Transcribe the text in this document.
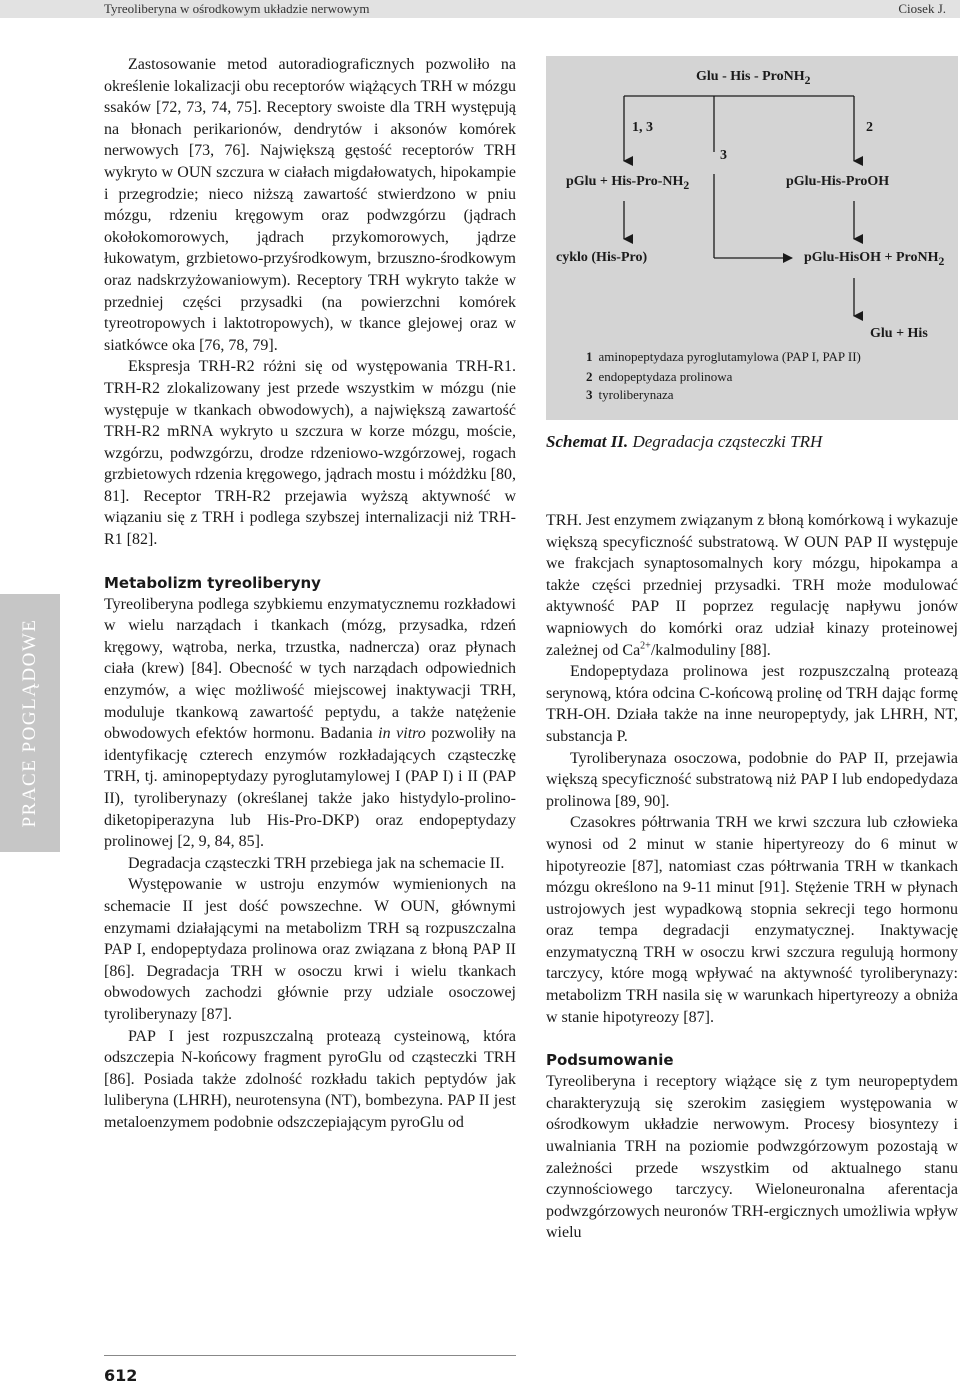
Tyreoliberyna w ośrodkowym układzie nerwowym	Ciosek J.
PRACE POGLĄDOWE

Zastosowanie metod autoradiograficznych pozwoliło na określenie lokalizacji obu receptorów wiążących TRH w mózgu ssaków [72, 73, 74, 75]. Receptory swoiste dla TRH występują na błonach perikarionów, dendrytów i aksonów komórek nerwowych [73, 76]. Największą gęstość receptorów TRH wykryto w OUN szczura w ciałach migdałowatych, hipokampie i przegrodzie; nieco niższą zawartość stwierdzono w pniu mózgu, rdzeniu kręgowym oraz podwzgórzu (jądrach okołokomorowych, jądrach przykomorowych, jądrze łukowatym, grzbietowo-przyśrodkowym, brzuszno-środkowym oraz nadskrzyżowaniowym). Receptory TRH wykryto także w przedniej części przysadki (na powierzchni komórek tyreotropowych i laktotropowych), w tkance glejowej oraz w siatkówce oka [76, 78, 79].

Ekspresja TRH-R2 różni się od występowania TRH-R1. TRH-R2 zlokalizowany jest przede wszystkim w mózgu (nie występuje w tkankach obwodowych), a największą zawartość TRH-R2 mRNA wykryto u szczura w korze mózgu, moście, wzgórzu, podwzgórzu, drodze rdzeniowo-wzgórzowej, rogach grzbietowych rdzenia kręgowego, jądrach mostu i móżdżku [80, 81]. Receptor TRH-R2 przejawia wyższą aktywność w wiązaniu się z TRH i podlega szybszej internalizacji niż TRH-R1 [82].

Metabolizm tyreoliberyny

Tyreoliberyna podlega szybkiemu enzymatycznemu rozkładowi w wielu narządach i tkankach (mózg, przysadka, rdzeń kręgowy, wątroba, nerka, trzustka, nadnercza) oraz płynach ciała (krew) [84]. Obecność w tych narządach odpowiednich enzymów, a więc możliwość miejscowej inaktywacji TRH, moduluje tkankową zawartość peptydu, a także natężenie obwodowych efektów hormonu. Badania in vitro pozwoliły na identyfikację czterech enzymów rozkładających cząsteczkę TRH, tj. aminopeptydazy pyroglutamylowej I (PAP I) i II (PAP II), tyroliberynazy (określanej także jako histydylo-prolino-diketopiperazyna lub His-Pro-DKP) oraz endopeptydazy prolinowej [2, 9, 84, 85].

Degradacja cząsteczki TRH przebiega jak na schemacie II.

Występowanie w ustroju enzymów wymienionych na schemacie II jest dość powszechne. W OUN, głównymi enzymami działającymi na metabolizm TRH są rozpuszczalna PAP I, endopeptydaza prolinowa oraz związana z błoną PAP II [86]. Degradacja TRH w osoczu krwi i wielu tkankach obwodowych zachodzi głównie przy udziale osoczowej tyroliberynazy [87].

PAP I jest rozpuszczalną proteazą cysteinową, która odszczepia N-końcowy fragment pyroGlu od cząsteczki TRH [86]. Posiada także zdolność rozkładu takich peptydów jak luliberyna (LHRH), neurotensyna (NT), bombezyna. PAP II jest metaloenzymem podobnie odszczepiającym pyroGlu od

Glu - His - ProNH$_2$
1, 3
3
2
pGlu + His-$Pro-NH_2$	pGlu-His-ProOH
cyklo (His-Pro)	pGlu-HisOH + ProNH$_2$
Glu + His
1 aminopeptydaza pyroglutamylowa (PAP I, PAP II)
2 endopeptydaza prolinowa
3 tyroliberynaza
Schemat II. Degradacja cząsteczki TRH

TRH. Jest enzymem związanym z błoną komórkową i wykazuje większą specyficzność substratową. W OUN PAP II występuje we frakcjach synaptosomalnych kory mózgu, hipokampa a także części przedniej przysadki. TRH może modulować aktywność PAP II poprzez regulację napływu jonów wapniowych do komórki oraz udział kinazy proteinowej zależnej od $Ca^{2+}$/kalmoduliny [88].

Endopeptydaza prolinowa jest rozpuszczalną proteazą serynową, która odcina C-końcową prolinę od TRH dając formę TRH-OH. Działa także na inne neuropeptydy, jak LHRH, NT, substancja P.

Tyroliberynaza osoczowa, podobnie do PAP II, przejawia większą specyficzność substratową niż PAP I lub endopedydaza prolinowa [89, 90].

Czasokres półtrwania TRH we krwi szczura lub człowieka wynosi od 2 minut w stanie hipertyreozy do 6 minut w hipotyreozie [87], natomiast czas półtrwania TRH w tkankach mózgu określono na 9-11 minut [91]. Stężenie TRH w płynach ustrojowych jest wypadkową stopnia sekrecji tego hormonu oraz tempa degradacji enzymatycznej. Inaktywację enzymatyczną TRH w osoczu krwi szczura regulują hormony tarczycy, które mogą wpływać na aktywność tyroliberynazy: metabolizm TRH nasila się w warunkach hipertyreozy a obniża w stanie hipotyreozy [87].

Podsumowanie

Tyreoliberyna i receptory wiążące się z tym neuropeptydem charakteryzują się szerokim zasięgiem występowania w ośrodkowym układzie nerwowym. Procesy biosyntezy i uwalniania TRH na poziomie podwzgórzowym pozostają w zależności przede wszystkim od aktualnego stanu czynnościowego tarczycy. Wieloneuronalna aferentacja podwzgórzowych neuronów TRH-ergicznych umożliwia wpływ wielu

612
